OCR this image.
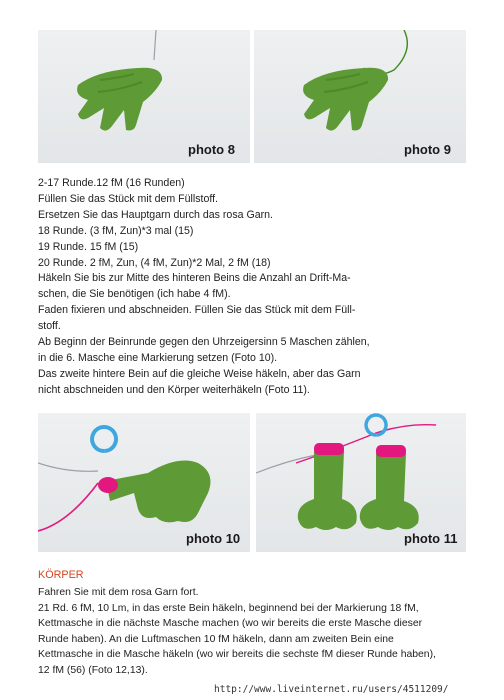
photo 8	photo 9
2-17 Runde.12 fM (16 Runden)
Füllen Sie das Stück mit dem Füllstoff.
Ersetzen Sie das Hauptgarn durch das rosa Garn.
18 Runde. (3 fM, Zun)*3 mal (15)
19 Runde. 15 fM (15)
20 Runde. 2 fM, Zun, (4 fM, Zun)*2 Mal, 2 fM (18)
Häkeln Sie bis zur Mitte des hinteren Beins die Anzahl an Drift-Ma-
schen, die Sie benötigen (ich habe 4 fM).
Faden fixieren und abschneiden. Füllen Sie das Stück mit dem Füll-
stoff.
Ab Beginn der Beinrunde gegen den Uhrzeigersinn 5 Maschen zählen,
in die 6. Masche eine Markierung setzen (Foto 10).
Das zweite hintere Bein auf die gleiche Weise häkeln, aber das Garn
nicht abschneiden und den Körper weiterhäkeln (Foto 11).
photo 10	photo 11
KÖRPER
Fahren Sie mit dem rosa Garn fort.
21 Rd. 6 fM, 10 Lm, in das erste Bein häkeln, beginnend bei der Markierung 18 fM,
Kettmasche in die nächste Masche machen (wo wir bereits die erste Masche dieser
Runde haben). An die Luftmaschen 10 fM häkeln, dann am zweiten Bein eine
Kettmasche in die Masche häkeln (wo wir bereits die sechste fM dieser Runde haben),
12 fM (56) (Foto 12,13).
http://www.liveinternet.ru/users/4511209/
